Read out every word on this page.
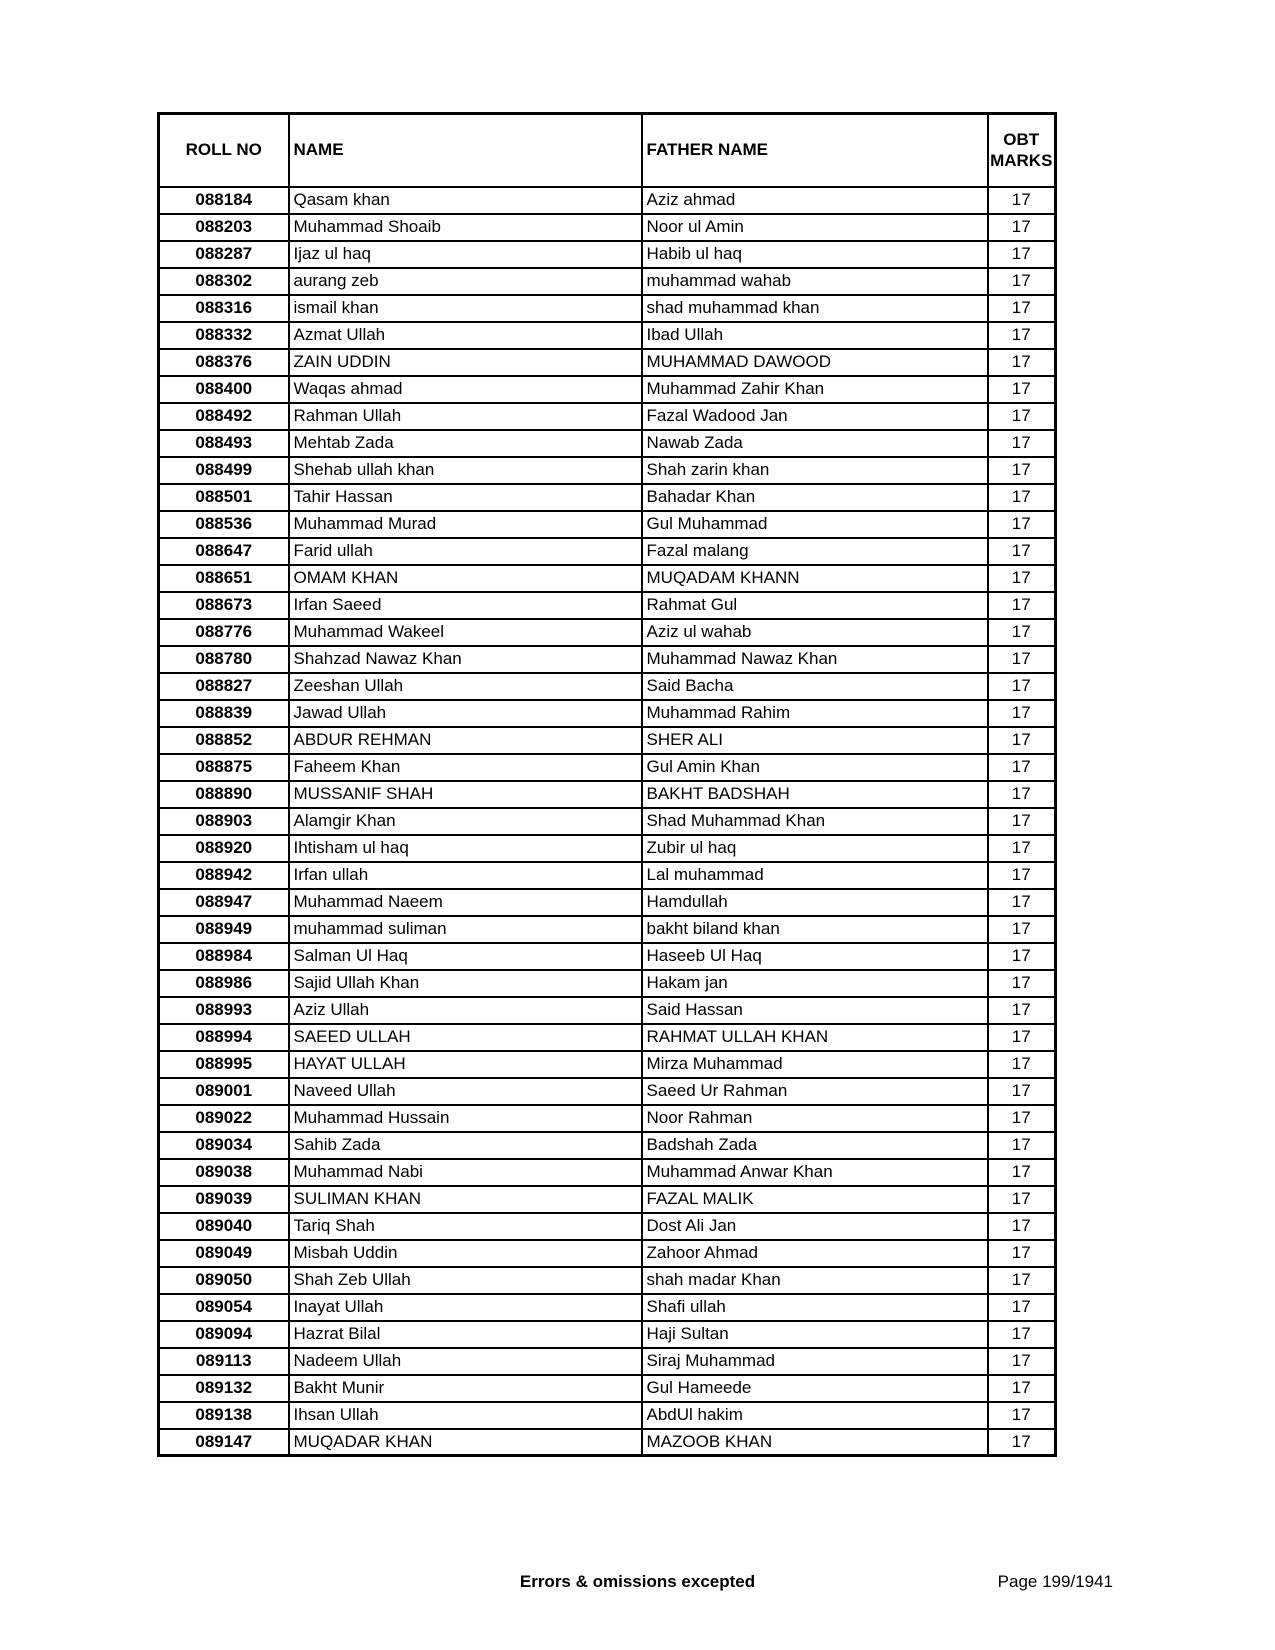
ROLL NO	NAME	FATHER NAME	OBT MARKS
088184	Qasam khan	Aziz ahmad	17
088203	Muhammad Shoaib	Noor ul Amin	17
088287	Ijaz ul haq	Habib ul haq	17
088302	aurang zeb	muhammad wahab	17
088316	ismail khan	shad muhammad khan	17
088332	Azmat Ullah	Ibad Ullah	17
088376	ZAIN UDDIN	MUHAMMAD DAWOOD	17
088400	Waqas ahmad	Muhammad Zahir Khan	17
088492	Rahman Ullah	Fazal Wadood Jan	17
088493	Mehtab Zada	Nawab Zada	17
088499	Shehab ullah khan	Shah zarin khan	17
088501	Tahir Hassan	Bahadar Khan	17
088536	Muhammad Murad	Gul Muhammad	17
088647	Farid ullah	Fazal malang	17
088651	OMAM KHAN	MUQADAM KHANN	17
088673	Irfan Saeed	Rahmat Gul	17
088776	Muhammad Wakeel	Aziz ul wahab	17
088780	Shahzad Nawaz Khan	Muhammad Nawaz Khan	17
088827	Zeeshan Ullah	Said Bacha	17
088839	Jawad Ullah	Muhammad Rahim	17
088852	ABDUR REHMAN	SHER ALI	17
088875	Faheem Khan	Gul Amin Khan	17
088890	MUSSANIF SHAH	BAKHT BADSHAH	17
088903	Alamgir Khan	Shad Muhammad Khan	17
088920	Ihtisham ul haq	Zubir ul haq	17
088942	Irfan ullah	Lal muhammad	17
088947	Muhammad Naeem	Hamdullah	17
088949	muhammad suliman	bakht biland khan	17
088984	Salman Ul Haq	Haseeb Ul Haq	17
088986	Sajid Ullah Khan	Hakam jan	17
088993	Aziz Ullah	Said Hassan	17
088994	SAEED ULLAH	RAHMAT ULLAH KHAN	17
088995	HAYAT ULLAH	Mirza Muhammad	17
089001	Naveed Ullah	Saeed Ur Rahman	17
089022	Muhammad Hussain	Noor Rahman	17
089034	Sahib Zada	Badshah Zada	17
089038	Muhammad Nabi	Muhammad Anwar Khan	17
089039	SULIMAN KHAN	FAZAL MALIK	17
089040	Tariq Shah	Dost Ali Jan	17
089049	Misbah Uddin	Zahoor Ahmad	17
089050	Shah Zeb Ullah	shah madar Khan	17
089054	Inayat Ullah	Shafi ullah	17
089094	Hazrat Bilal	Haji Sultan	17
089113	Nadeem Ullah	Siraj Muhammad	17
089132	Bakht Munir	Gul Hameede	17
089138	Ihsan Ullah	AbdUl hakim	17
089147	MUQADAR KHAN	MAZOOB KHAN	17
Errors & omissions excepted	Page 199/1941
